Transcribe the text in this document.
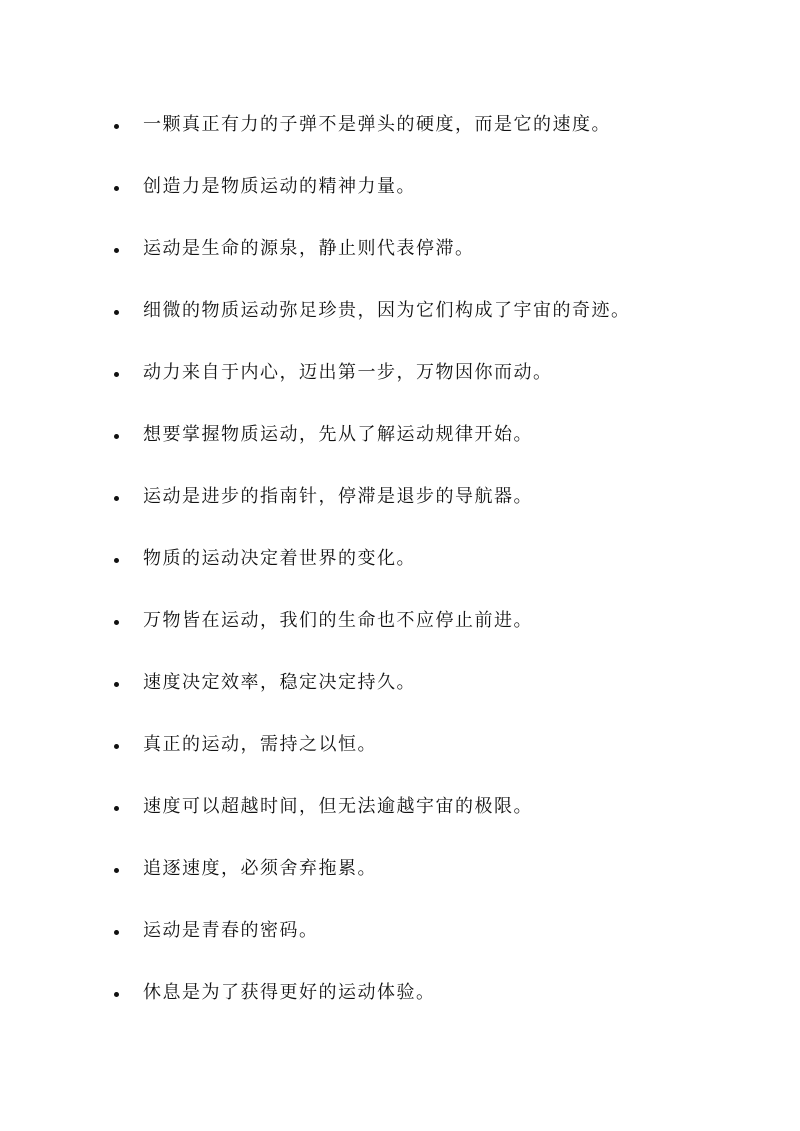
一颗真正有力的子弹不是弹头的硬度，而是它的速度。
创造力是物质运动的精神力量。
运动是生命的源泉，静止则代表停滞。
细微的物质运动弥足珍贵，因为它们构成了宇宙的奇迹。
动力来自于内心，迈出第一步，万物因你而动。
想要掌握物质运动，先从了解运动规律开始。
运动是进步的指南针，停滞是退步的导航器。
物质的运动决定着世界的变化。
万物皆在运动，我们的生命也不应停止前进。
速度决定效率，稳定决定持久。
真正的运动，需持之以恒。
速度可以超越时间，但无法逾越宇宙的极限。
追逐速度，必须舍弃拖累。
运动是青春的密码。
休息是为了获得更好的运动体验。
